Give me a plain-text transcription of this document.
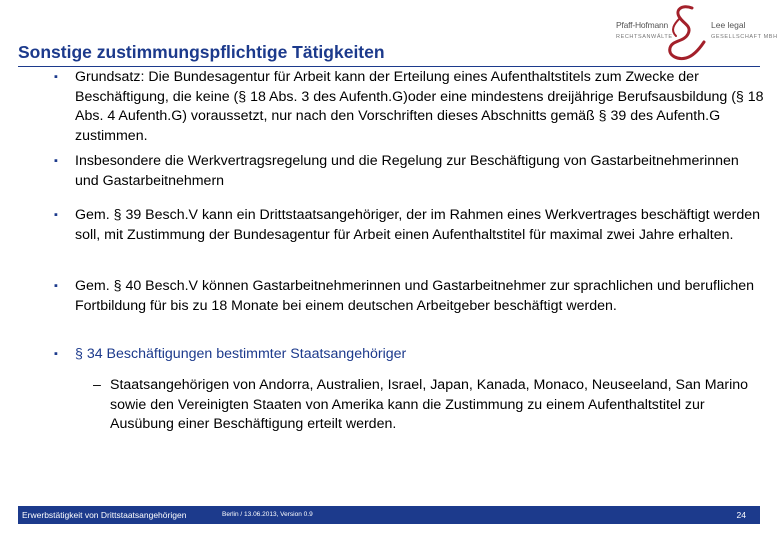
Pfaff-Hofmann
RECHTSANWÄLTE
Lee legal
GESELLSCHAFT MBH
Sonstige zustimmungspflichtige Tätigkeiten
▪ Grundsatz: Die Bundesagentur für Arbeit kann der Erteilung eines Aufenthaltstitels zum Zwecke der Beschäftigung, die keine (§ 18 Abs. 3 des Aufenth.G)oder eine mindestens dreijährige Berufsausbildung (§ 18 Abs. 4 Aufenth.G) voraussetzt, nur nach den Vorschriften dieses Abschnitts gemäß § 39 des Aufenth.G zustimmen.
▪ Insbesondere die Werkvertragsregelung und die Regelung zur Beschäftigung von Gastarbeitnehmerinnen und Gastarbeitnehmern
▪ Gem. § 39 Besch.V kann ein Drittstaatsangehöriger, der im Rahmen eines Werkvertrages beschäftigt werden soll, mit Zustimmung der Bundesagentur für Arbeit einen Aufenthaltstitel für maximal zwei Jahre erhalten.
▪ Gem. § 40 Besch.V können Gastarbeitnehmerinnen und Gastarbeitnehmer zur sprachlichen und beruflichen Fortbildung für bis zu 18 Monate bei einem deutschen Arbeitgeber beschäftigt werden.
▪ § 34 Beschäftigungen bestimmter Staatsangehöriger
– Staatsangehörigen von Andorra, Australien, Israel, Japan, Kanada, Monaco, Neuseeland, San Marino sowie den Vereinigten Staaten von Amerika kann die Zustimmung zu einem Aufenthaltstitel zur Ausübung einer Beschäftigung erteilt werden.
Erwerbstätigkeit von Drittstaatsangehörigen	Berlin / 13.06.2013, Version 0.9	24
